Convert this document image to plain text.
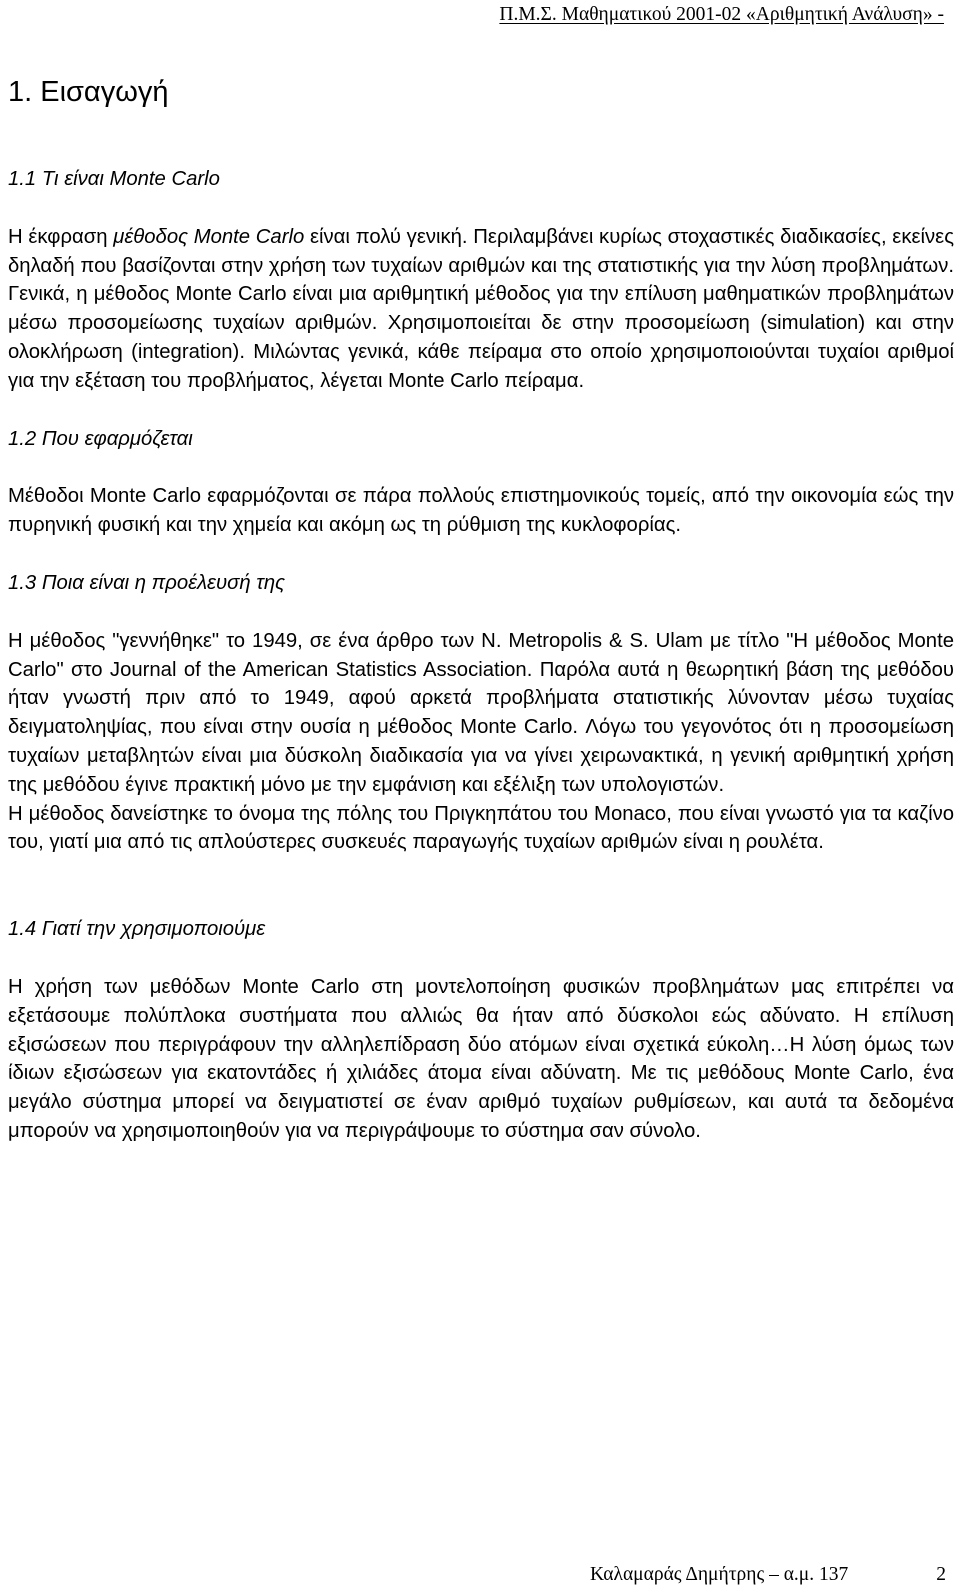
Π.Μ.Σ. Μαθηματικού 2001-02 «Αριθμητική Ανάλυση» -
1. Εισαγωγή
1.1 Τι είναι Monte Carlo

Η έκφραση μέθοδος Monte Carlo είναι πολύ γενική. Περιλαμβάνει κυρίως στοχαστικές διαδικασίες, εκείνες δηλαδή που βασίζονται στην χρήση των τυχαίων αριθμών και της στατιστικής για την λύση προβλημάτων. Γενικά, η μέθοδος Monte Carlo είναι μια αριθμητική μέθοδος για την επίλυση μαθηματικών προβλημάτων μέσω προσομείωσης τυχαίων αριθμών. Χρησιμοποιείται δε στην προσομείωση (simulation) και στην ολοκλήρωση (integration). Μιλώντας γενικά, κάθε πείραμα στο οποίο χρησιμοποιούνται τυχαίοι αριθμοί για την εξέταση του προβλήματος, λέγεται Monte Carlo πείραμα.

1.2 Που εφαρμόζεται

Μέθοδοι Monte Carlo εφαρμόζονται σε πάρα πολλούς επιστημονικούς τομείς, από την οικονομία εώς την πυρηνική φυσική και την χημεία και ακόμη ως τη ρύθμιση της κυκλοφορίας.

1.3 Ποια είναι η προέλευσή της

Η μέθοδος "γεννήθηκε" το 1949, σε ένα άρθρο των N. Metropolis & S. Ulam με τίτλο "Η μέθοδος Monte Carlo" στο Journal of the American Statistics Association. Παρόλα αυτά η θεωρητική βάση της μεθόδου ήταν γνωστή πριν από το 1949, αφού αρκετά προβλήματα στατιστικής λύνονταν μέσω τυχαίας δειγματοληψίας, που είναι στην ουσία η μέθοδος Monte Carlo. Λόγω του γεγονότος ότι η προσομείωση τυχαίων μεταβλητών είναι μια δύσκολη διαδικασία για να γίνει χειρωνακτικά, η γενική αριθμητική χρήση της μεθόδου έγινε πρακτική μόνο με την εμφάνιση και εξέλιξη των υπολογιστών.

Η μέθοδος δανείστηκε το όνομα της πόλης του Πριγκηπάτου του Monaco, που είναι γνωστό για τα καζίνο του, γιατί μια από τις απλούστερες συσκευές παραγωγής τυχαίων αριθμών είναι η ρουλέτα.

1.4 Γιατί την χρησιμοποιούμε

Η χρήση των μεθόδων Monte Carlo στη μοντελοποίηση φυσικών προβλημάτων μας επιτρέπει να εξετάσουμε πολύπλοκα συστήματα που αλλιώς θα ήταν από δύσκολοι εώς αδύνατο. Η επίλυση εξισώσεων που περιγράφουν την αλληλεπίδραση δύο ατόμων είναι σχετικά εύκολη…Η λύση όμως των ίδιων εξισώσεων για εκατοντάδες ή χιλιάδες άτομα είναι αδύνατη. Με τις μεθόδους Monte Carlo, ένα μεγάλο σύστημα μπορεί να δειγματιστεί σε έναν αριθμό τυχαίων ρυθμίσεων, και αυτά τα δεδομένα μπορούν να χρησιμοποιηθούν για να περιγράψουμε το σύστημα σαν σύνολο.

Καλαμαράς Δημήτρης – α.μ. 137	2
